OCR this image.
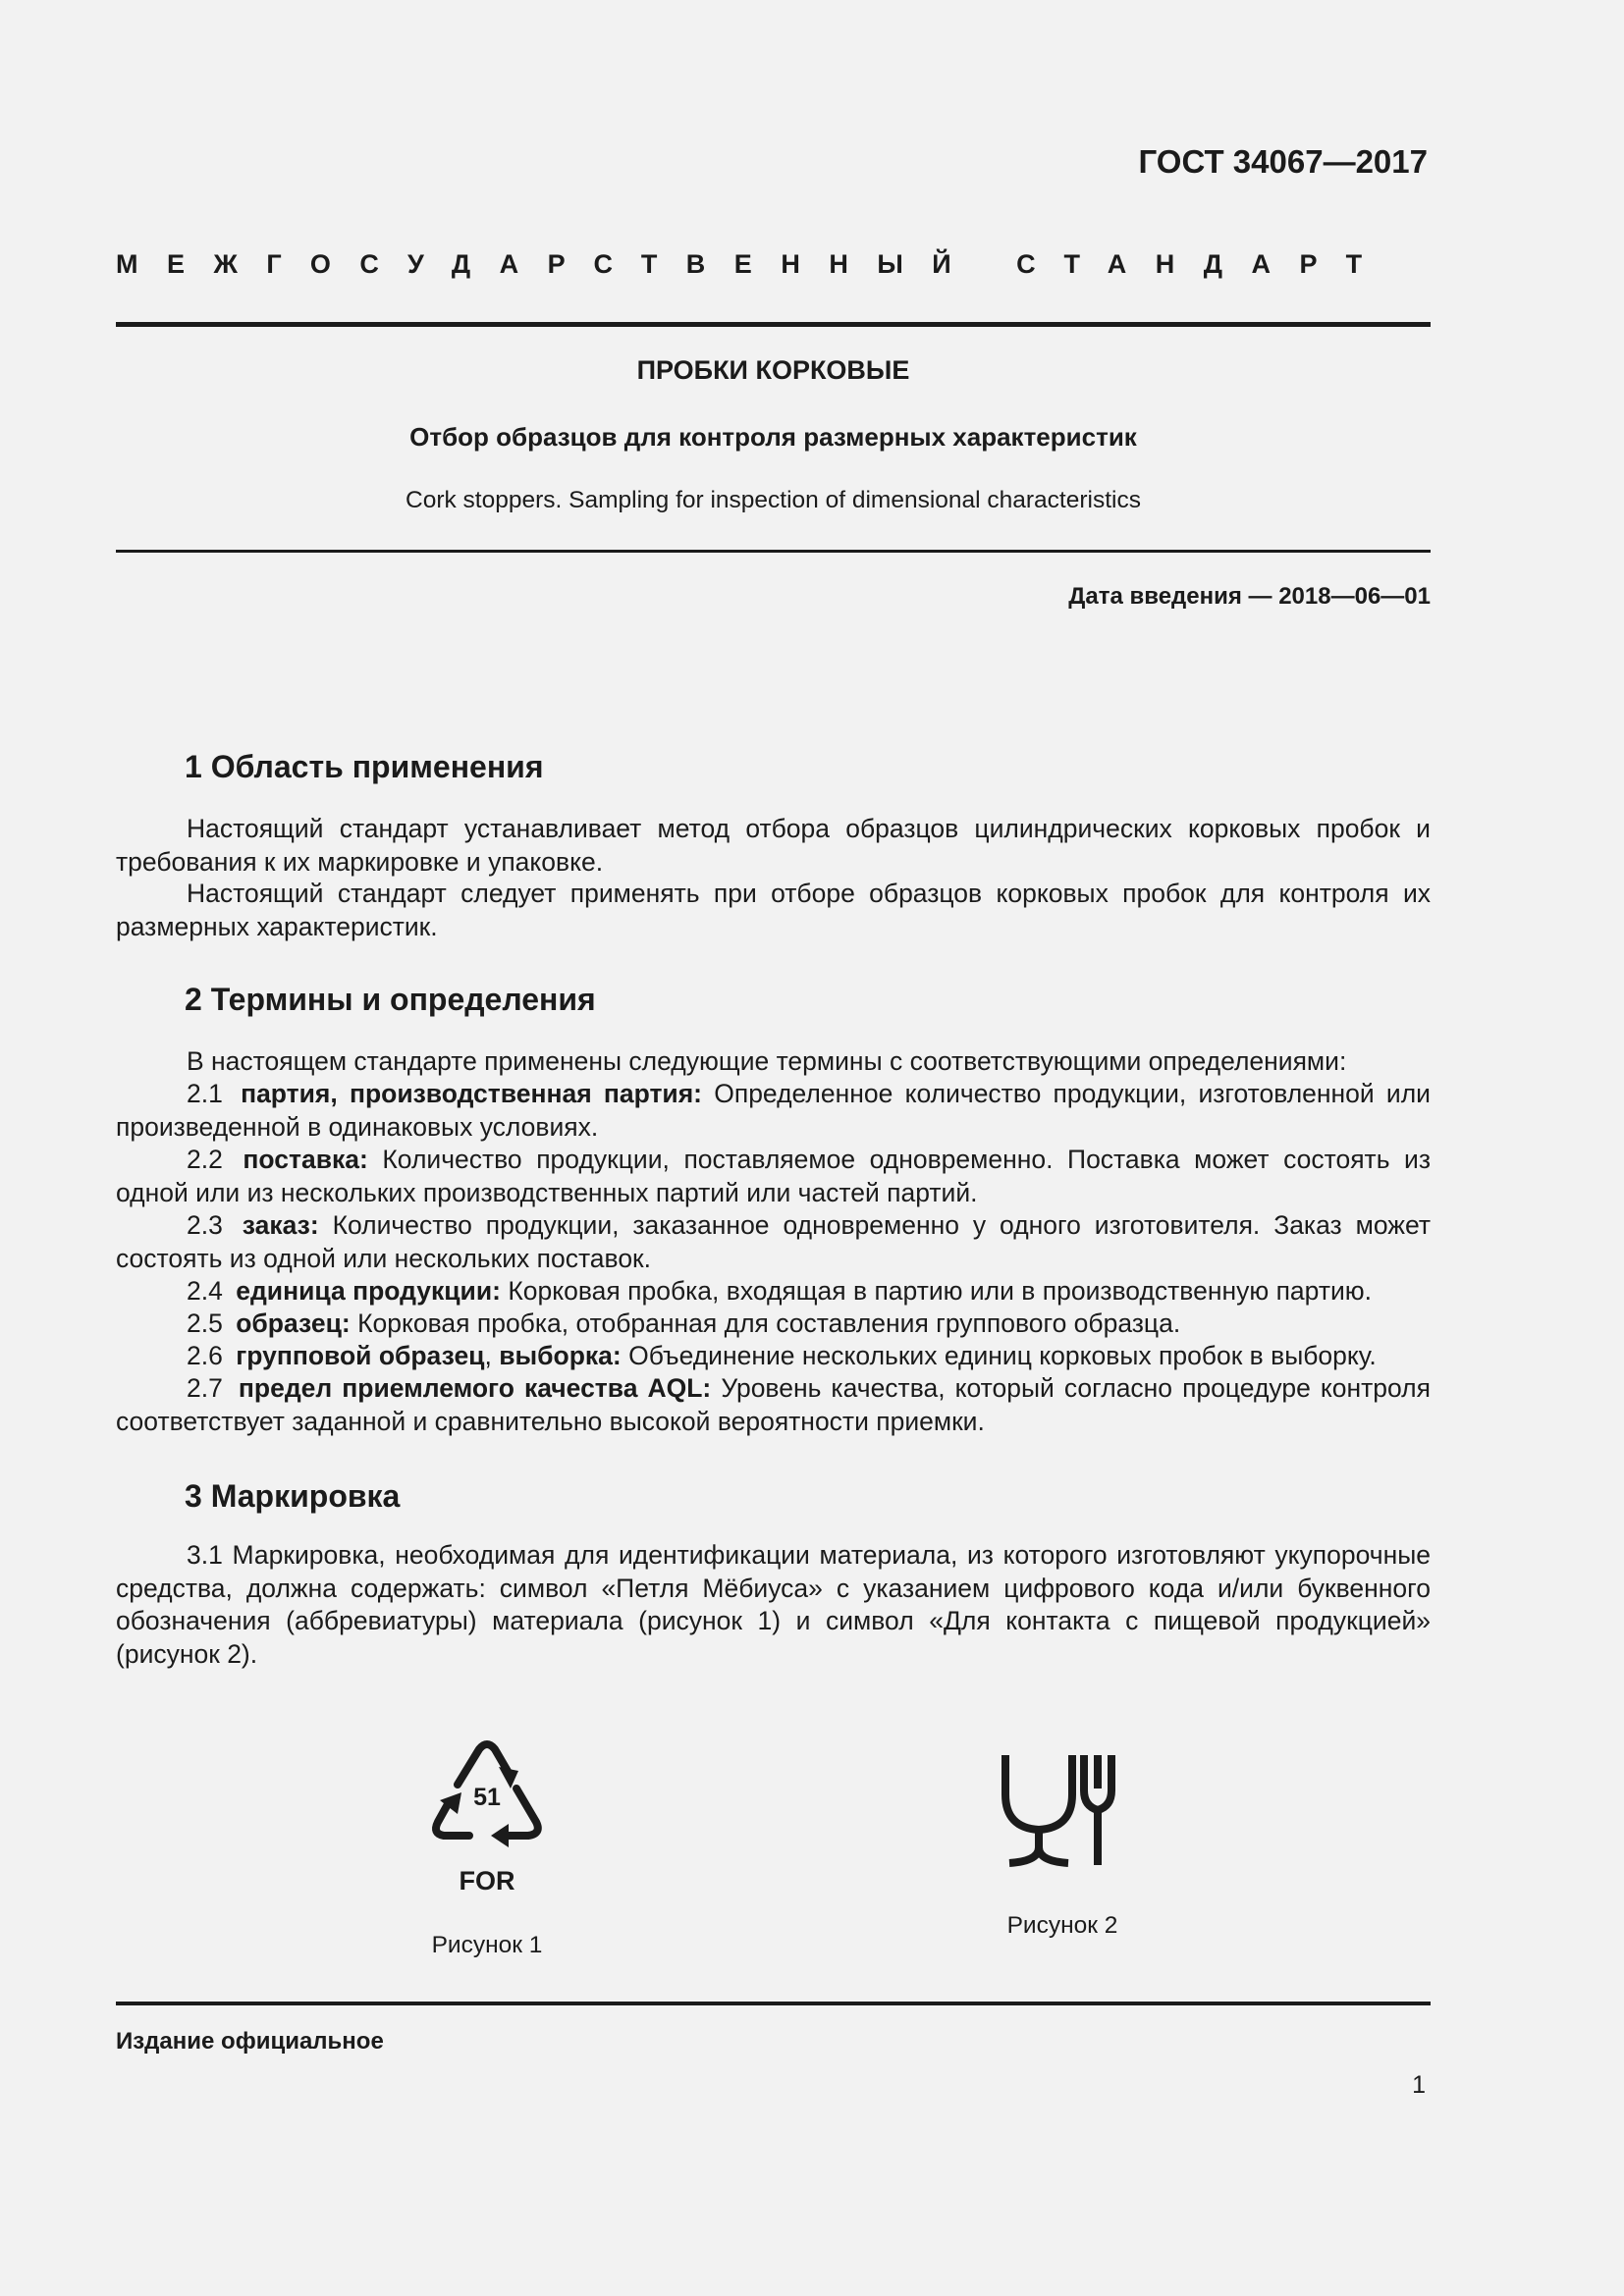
ГОСТ 34067—2017
МЕЖГОСУДАРСТВЕННЫЙ СТАНДАРТ
ПРОБКИ КОРКОВЫЕ
Отбор образцов для контроля размерных характеристик
Cork stoppers. Sampling for inspection of dimensional characteristics
Дата введения — 2018—06—01
1 Область применения
Настоящий стандарт устанавливает метод отбора образцов цилиндрических корковых пробок и требования к их маркировке и упаковке.
Настоящий стандарт следует применять при отборе образцов корковых пробок для контроля их размерных характеристик.
2 Термины и определения
В настоящем стандарте применены следующие термины с соответствующими определениями:
2.1 партия, производственная партия: Определенное количество продукции, изготовленной или произведенной в одинаковых условиях.
2.2 поставка: Количество продукции, поставляемое одновременно. Поставка может состоять из одной или из нескольких производственных партий или частей партий.
2.3 заказ: Количество продукции, заказанное одновременно у одного изготовителя. Заказ может состоять из одной или нескольких поставок.
2.4 единица продукции: Корковая пробка, входящая в партию или в производственную партию.
2.5 образец: Корковая пробка, отобранная для составления группового образца.
2.6 групповой образец, выборка: Объединение нескольких единиц корковых пробок в выборку.
2.7 предел приемлемого качества AQL: Уровень качества, который согласно процедуре контроля соответствует заданной и сравнительно высокой вероятности приемки.
3 Маркировка
3.1 Маркировка, необходимая для идентификации материала, из которого изготовляют укупорочные средства, должна содержать: символ «Петля Мёбиуса» с указанием цифрового кода и/или буквенного обозначения (аббревиатуры) материала (рисунок 1) и символ «Для контакта с пищевой продукцией» (рисунок 2).
51
FOR
Рисунок 1
Рисунок 2
Издание официальное
1
